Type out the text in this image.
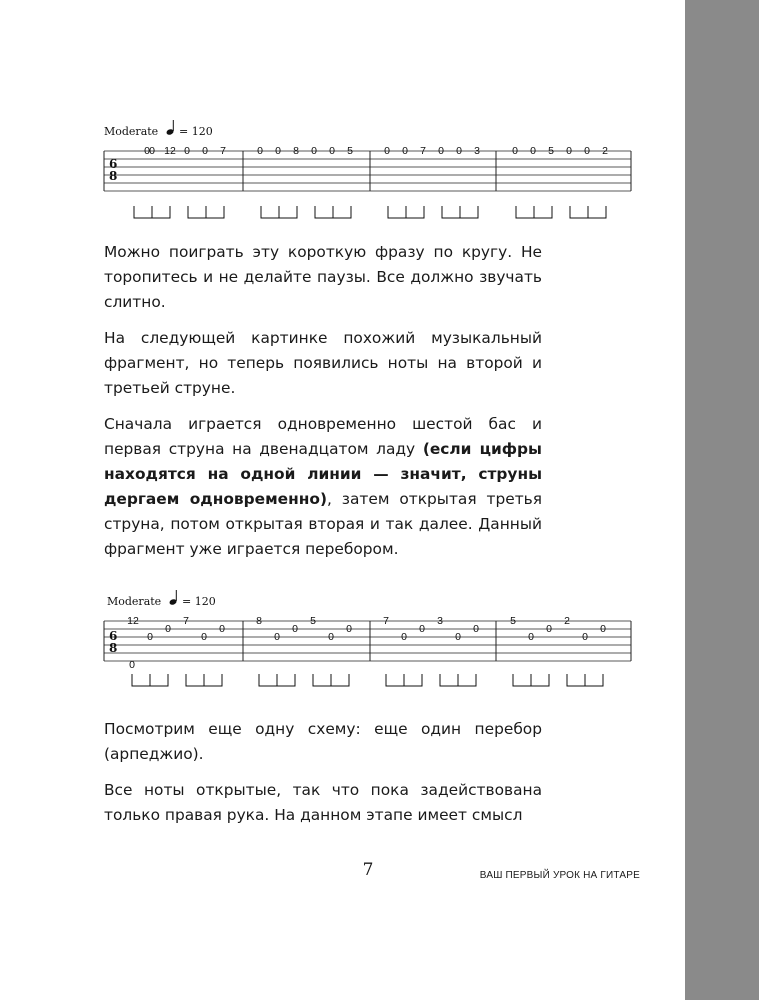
Moderate = 120
6
8
0 0 12 0 0 7	0 0 8 0 0 5	0 0 7 0 0 3	0 0 5 0 0 2

Можно поиграть эту короткую фразу по кругу. Не торопитесь и не делайте паузы. Все должно звучать слитно.

На следующей картинке похожий музыкальный фрагмент, но теперь появились ноты на второй и третьей струне.

Сначала играется одновременно шестой бас и первая струна на двенадцатом ладу (если цифры находятся на одной линии — значит, струны дергаем одновременно), затем открытая третья струна, потом открытая вторая и так далее. Данный фрагмент уже играется перебором.

Moderate = 120
6
8
12
0
0
0
7
0
0
8
0
0
5
0
0
7
0
0
3
0
0
5
0
0
2
0
0

Посмотрим еще одну схему: еще один перебор (арпеджио).

Все ноты открытые, так что пока задействована только правая рука. На данном этапе имеет смысл

7	ВАШ ПЕРВЫЙ УРОК НА ГИТАРЕ
